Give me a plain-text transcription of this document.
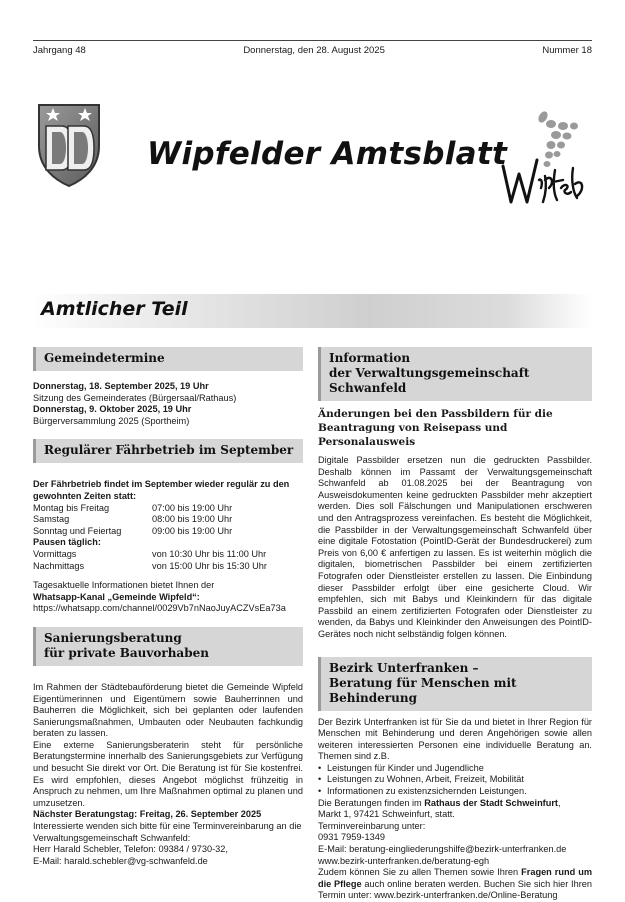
Jahrgang 48	Donnerstag, den 28. August 2025	Nummer 18
Wipfelder Amtsblatt
Amtlicher Teil
Gemeindetermine

Donnerstag, 18. September 2025, 19 Uhr

Sitzung des Gemeinderates (Bürgersaal/Rathaus)

Donnerstag, 9. Oktober 2025, 19 Uhr

Bürgerversammlung 2025 (Sportheim)

Regulärer Fährbetrieb im September

Der Fährbetrieb findet im September wieder regulär zu den gewohnten Zeiten statt:

Montag bis Freitag	07:00 bis 19:00 Uhr
Samstag	08:00 bis 19:00 Uhr
Sonntag und Feiertag	09:00 bis 19:00 Uhr

Pausen täglich:

Vormittags	von 10:30 Uhr bis 11:00 Uhr
Nachmittags	von 15:00 Uhr bis 15:30 Uhr

Tagesaktuelle Informationen bietet Ihnen der

Whatsapp-Kanal „Gemeinde Wipfeld“:

https://whatsapp.com/channel/0029Vb7nNaoJuyACZVsEa73a

Sanierungsberatung
für private Bauvorhaben

Im Rahmen der Städtebauförderung bietet die Gemeinde Wipfeld Eigentümerinnen und Eigentümern sowie Bauherrinnen und Bauherren die Möglichkeit, sich bei geplanten oder laufenden Sanierungsmaßnahmen, Umbauten oder Neubauten fachkundig beraten zu lassen.

Eine externe Sanierungsberaterin steht für persönliche Beratungstermine innerhalb des Sanierungsgebiets zur Verfügung und besucht Sie direkt vor Ort. Die Beratung ist für Sie kostenfrei. Es wird empfohlen, dieses Angebot möglichst frühzeitig in Anspruch zu nehmen, um Ihre Maßnahmen optimal zu planen und umzusetzen.

Nächster Beratungstag: Freitag, 26. September 2025

Interessierte wenden sich bitte für eine Terminvereinbarung an die Verwaltungsgemeinschaft Schwanfeld:

Herr Harald Schebler, Telefon: 09384 / 9730-32,

E-Mail: harald.schebler@vg-schwanfeld.de

Information
der Verwaltungsgemeinschaft Schwanfeld
Änderungen bei den Passbildern für die Beantragung von Reisepass und Personalausweis

Digitale Passbilder ersetzen nun die gedruckten Passbilder. Deshalb können im Passamt der Verwaltungsgemeinschaft Schwanfeld ab 01.08.2025 bei der Beantragung von Ausweisdokumenten keine gedruckten Passbilder mehr akzeptiert werden. Dies soll Fälschungen und Manipulationen erschweren und den Antragsprozess vereinfachen. Es besteht die Möglichkeit, die Passbilder in der Verwaltungsgemeinschaft Schwanfeld über eine digitale Fotostation (PointID-Gerät der Bundesdruckerei) zum Preis von 6,00 € anfertigen zu lassen. Es ist weiterhin möglich die digitalen, biometrischen Passbilder bei einem zertifizierten Fotografen oder Dienstleister erstellen zu lassen. Die Einbindung dieser Passbilder erfolgt über eine gesicherte Cloud. Wir empfehlen, sich mit Babys und Kleinkindern für das digitale Passbild an einem zertifizierten Fotografen oder Dienstleister zu wenden, da Babys und Kleinkinder den Anweisungen des PointID-Gerätes noch nicht selbständig folgen können.

Bezirk Unterfranken –
Beratung für Menschen mit Behinderung

Der Bezirk Unterfranken ist für Sie da und bietet in Ihrer Region für Menschen mit Behinderung und deren Angehörigen sowie allen weiteren interessierten Personen eine individuelle Beratung an. Themen sind z.B.

• Leistungen für Kinder und Jugendliche
• Leistungen zu Wohnen, Arbeit, Freizeit, Mobilität
• Informationen zu existenzsichernden Leistungen.

Die Beratungen finden im Rathaus der Stadt Schweinfurt,

Markt 1, 97421 Schweinfurt, statt.

Terminvereinbarung unter:

0931 7959-1349

E-Mail: beratung-eingliederungshilfe@bezirk-unterfranken.de

www.bezirk-unterfranken.de/beratung-egh

Zudem können Sie zu allen Themen sowie Ihren Fragen rund um die Pflege auch online beraten werden. Buchen Sie sich hier Ihren Termin unter: www.bezirk-unterfranken.de/Online-Beratung
